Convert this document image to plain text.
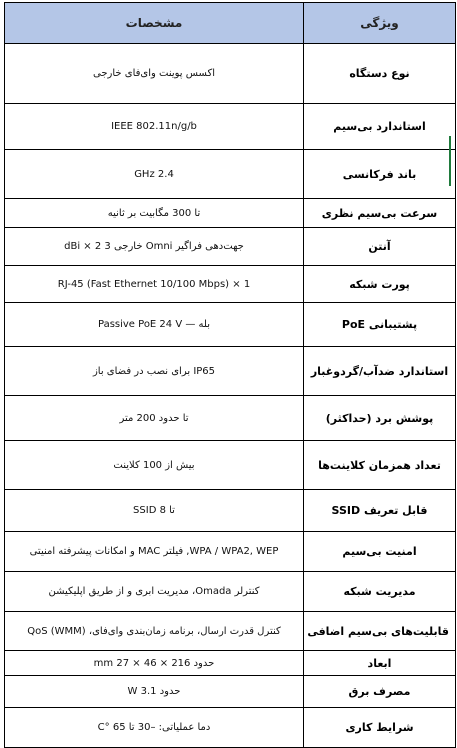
ویژگی	مشخصات
نوع دستگاه	اکسس پوینت وای‌فای خارجی
استاندارد بی‌سیم	IEEE 802.11n/g/b
باند فرکانسی	2.4 GHz
سرعت بی‌سیم نظری	تا 300 مگابیت بر ثانیه
آنتن	جهت‌دهی فراگیر Omni خارجی 3 dBi × 2
پورت شبکه	1 × RJ-45 (Fast Ethernet 10/100 Mbps)
پشتیبانی PoE	بله — Passive PoE 24 V
استاندارد ضدآب/گردوغبار	IP65 برای نصب در فضای باز
پوشش برد (حداکثر)	تا حدود 200 متر
تعداد همزمان کلاینت‌ها	بیش از 100 کلاینت
قابل تعریف SSID	تا SSID 8
امنیت بی‌سیم	WPA / WPA2, WEP, فیلتر MAC و امکانات پیشرفته امنیتی
مدیریت شبکه	کنترلر Omada، مدیریت ابری و از طریق اپلیکیشن
قابلیت‌های بی‌سیم اضافی	کنترل قدرت ارسال، برنامه زمان‌بندی وای‌فای، QoS (WMM)
ابعاد	حدود 216 × 46 × 27 mm
مصرف برق	حدود 3.1 W
شرایط کاری	دما عملیاتی: –30 تا 65 °C
